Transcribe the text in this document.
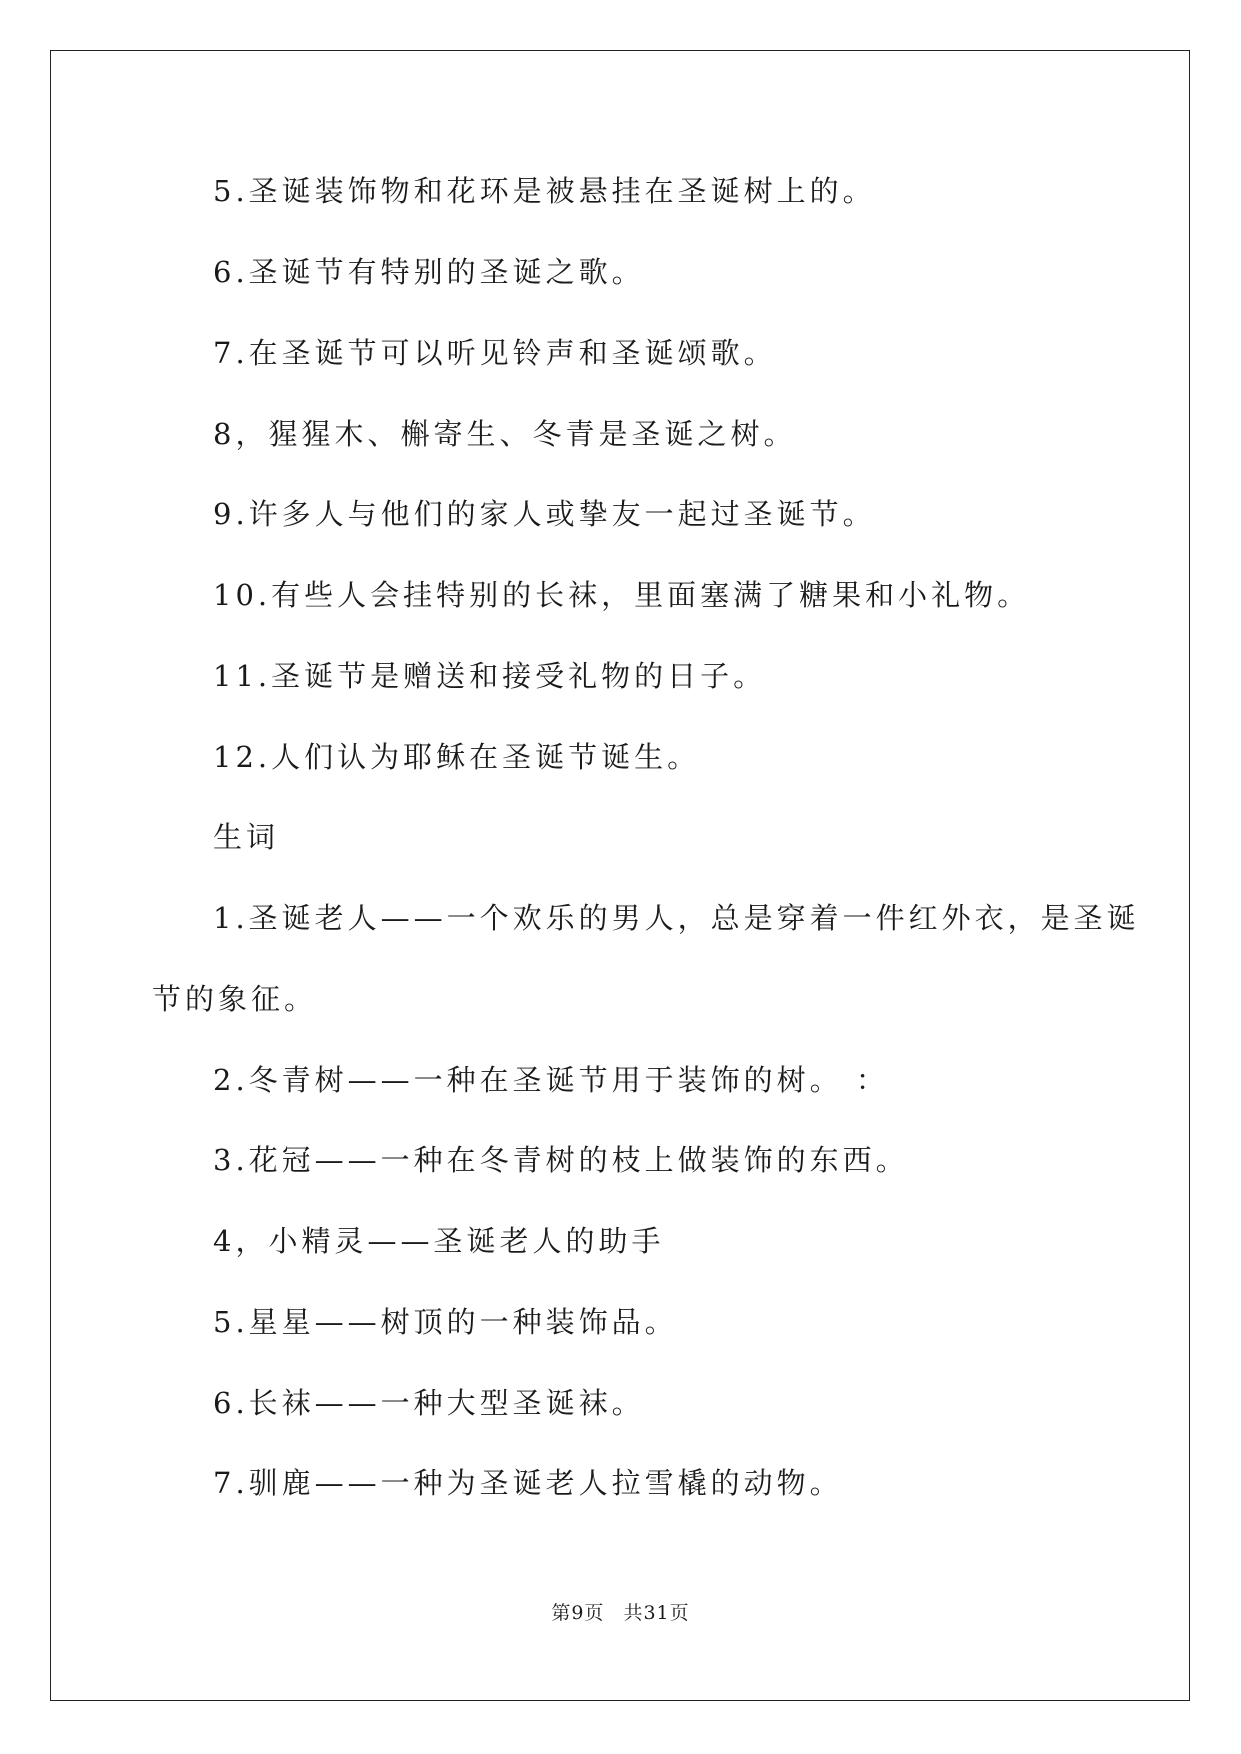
5.圣诞装饰物和花环是被悬挂在圣诞树上的。
6.圣诞节有特别的圣诞之歌。
7.在圣诞节可以听见铃声和圣诞颂歌。
8，猩猩木、槲寄生、冬青是圣诞之树。
9.许多人与他们的家人或挚友一起过圣诞节。
10.有些人会挂特别的长袜，里面塞满了糖果和小礼物。
11.圣诞节是赠送和接受礼物的日子。
12.人们认为耶稣在圣诞节诞生。
生词
1.圣诞老人——一个欢乐的男人，总是穿着一件红外衣，是圣诞
节的象征。
2.冬青树——一种在圣诞节用于装饰的树。 ：
3.花冠——一种在冬青树的枝上做装饰的东西。
4，小精灵——圣诞老人的助手
5.星星——树顶的一种装饰品。
6.长袜——一种大型圣诞袜。
7.驯鹿——一种为圣诞老人拉雪橇的动物。
第9页 共31页
